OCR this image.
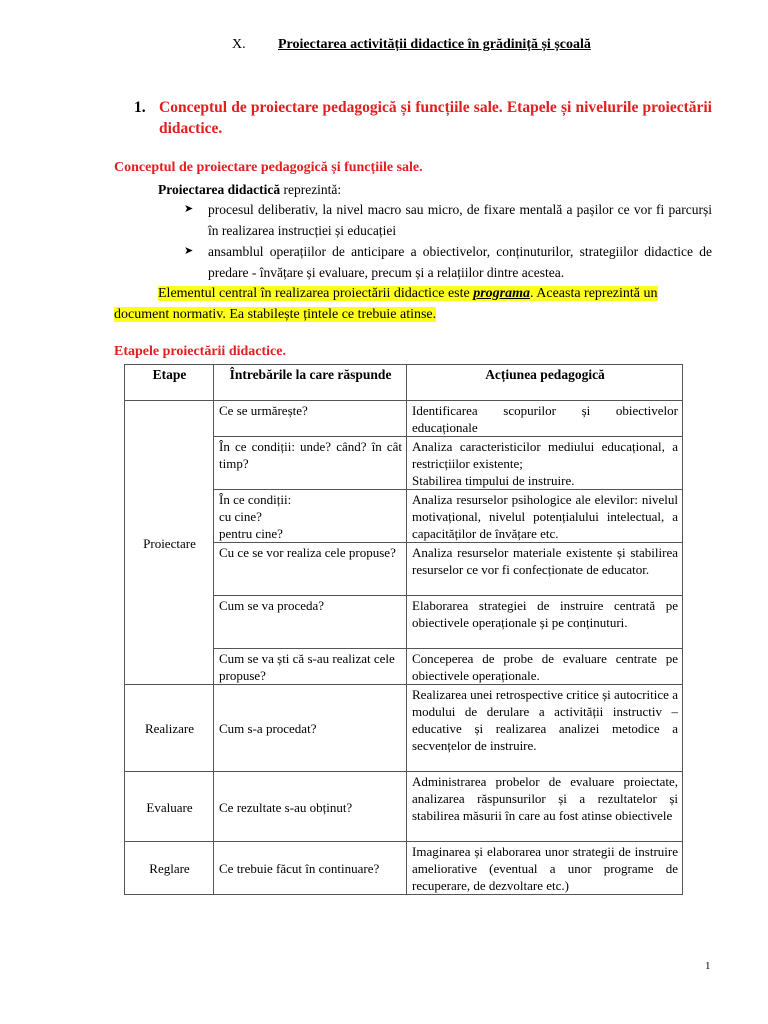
X. Proiectarea activității didactice în grădiniță și școală
1. Conceptul de proiectare pedagogică și funcțiile sale. Etapele și nivelurile proiectării didactice.
Conceptul de proiectare pedagogică și funcțiile sale.
Proiectarea didactică reprezintă:
➤ procesul deliberativ, la nivel macro sau micro, de fixare mentală a pașilor ce vor fi parcurși în realizarea instrucției și educației
➤ ansamblul operațiilor de anticipare a obiectivelor, conținuturilor, strategiilor didactice de predare - învățare și evaluare, precum și a relațiilor dintre acestea.
Elementul central în realizarea proiectării didactice este programa. Aceasta reprezintă un document normativ. Ea stabilește țintele ce trebuie atinse.
Etapele proiectării didactice.
Etape	Întrebările la care răspunde	Acțiunea pedagogică
Proiectare	Ce se urmărește?	Identificarea scopurilor și obiectivelor educaționale
	În ce condiții: unde? când? în cât timp?	Analiza caracteristicilor mediului educațional, a restricțiilor existente;
Stabilirea timpului de instruire.
	În ce condiții:
cu cine?
pentru cine?	Analiza resurselor psihologice ale elevilor: nivelul motivațional, nivelul potențialului intelectual, a capacităților de învățare etc.
	Cu ce se vor realiza cele propuse?	Analiza resurselor materiale existente și stabilirea resurselor ce vor fi confecționate de educator.
	Cum se va proceda?	Elaborarea strategiei de instruire centrată pe obiectivele operaționale și pe conținuturi.
	Cum se va ști că s-au realizat cele propuse?	Conceperea de probe de evaluare centrate pe obiectivele operaționale.
Realizare	Cum s-a procedat?	Realizarea unei retrospective critice și autocritice a modului de derulare a activității instructiv – educative și realizarea analizei metodice a secvențelor de instruire.
Evaluare	Ce rezultate s-au obținut?	Administrarea probelor de evaluare proiectate, analizarea răspunsurilor și a rezultatelor și stabilirea măsurii în care au fost atinse obiectivele
Reglare	Ce trebuie făcut în continuare?	Imaginarea și elaborarea unor strategii de instruire ameliorative (eventual a unor programe de recuperare, de dezvoltare etc.)
1
